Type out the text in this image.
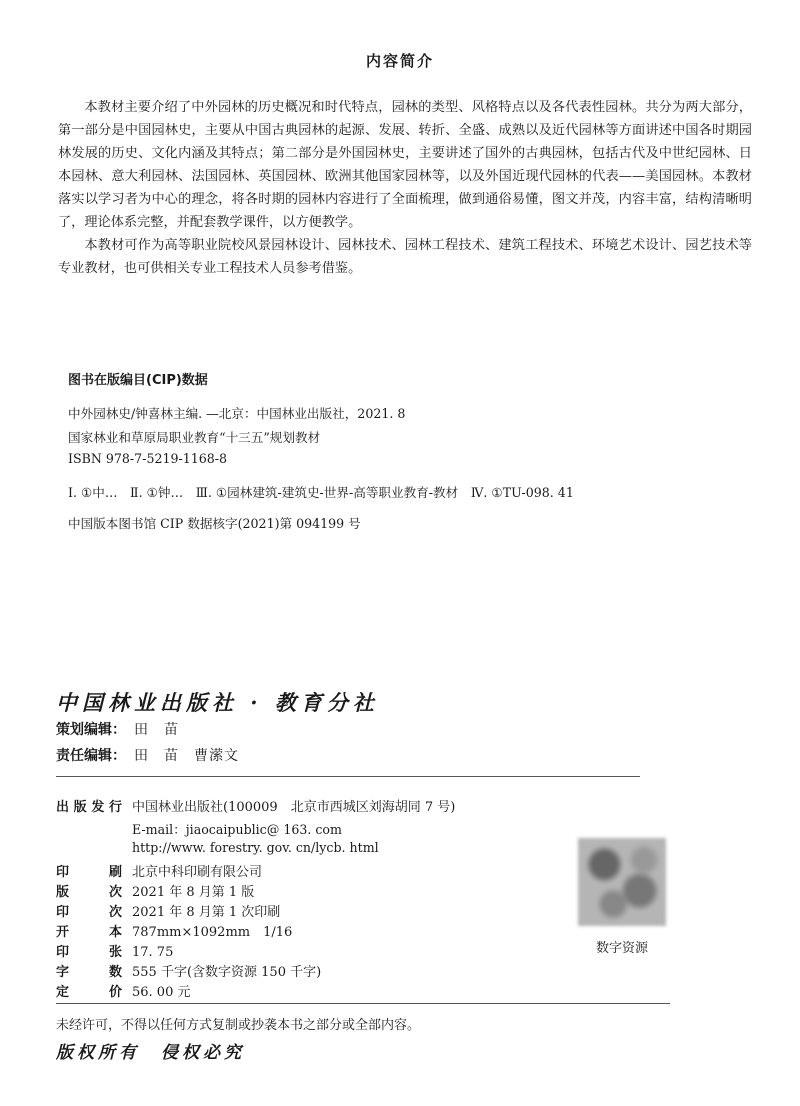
内容简介

本教材主要介绍了中外园林的历史概况和时代特点，园林的类型、风格特点以及各代表性园林。共分为两大部分，第一部分是中国园林史，主要从中国古典园林的起源、发展、转折、全盛、成熟以及近代园林等方面讲述中国各时期园林发展的历史、文化内涵及其特点；第二部分是外国园林史，主要讲述了国外的古典园林，包括古代及中世纪园林、日本园林、意大利园林、法国园林、英国园林、欧洲其他国家园林等，以及外国近现代园林的代表——美国园林。本教材落实以学习者为中心的理念，将各时期的园林内容进行了全面梳理，做到通俗易懂，图文并茂，内容丰富，结构清晰明了，理论体系完整，并配套教学课件，以方便教学。

本教材可作为高等职业院校风景园林设计、园林技术、园林工程技术、建筑工程技术、环境艺术设计、园艺技术等专业教材，也可供相关专业工程技术人员参考借鉴。

图书在版编目(CIP)数据
中外园林史/钟喜林主编. —北京：中国林业出版社，2021. 8
国家林业和草原局职业教育“十三五”规划教材
ISBN 978-7-5219-1168-8
Ⅰ. ①中…　Ⅱ. ①钟…　Ⅲ. ①园林建筑-建筑史-世界-高等职业教育-教材　Ⅳ. ①TU-098. 41
中国版本图书馆 CIP 数据核字(2021)第 094199 号
中国林业出版社 · 教育分社
策划编辑： 田　苗
责任编辑： 田　苗　曹潆文
出版发行 中国林业出版社(100009　北京市西城区刘海胡同 7 号)
E-mail：jiaocaipublic@ 163. com
http://www. forestry. gov. cn/lycb. html
印　刷 北京中科印刷有限公司
版　次 2021 年 8 月第 1 版
印　次 2021 年 8 月第 1 次印刷
开　本 787mm×1092mm　1/16
印　张 17. 75
字　数 555 千字(含数字资源 150 千字)
定　价 56. 00 元
数字资源
未经许可，不得以任何方式复制或抄袭本书之部分或全部内容。
版权所有　侵权必究
